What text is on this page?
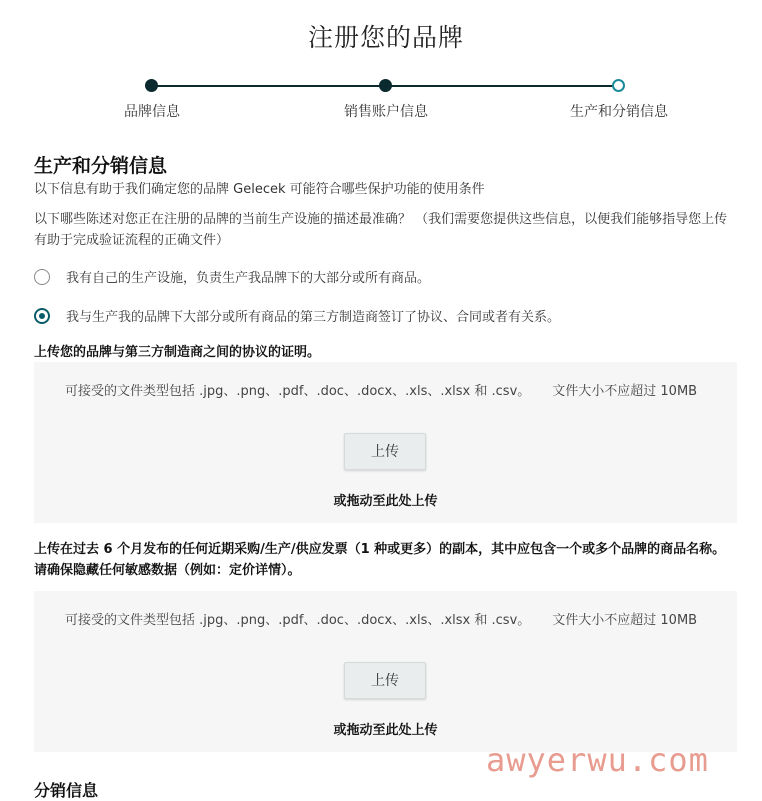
注册您的品牌
品牌信息	销售账户信息	生产和分销信息
生产和分销信息
以下信息有助于我们确定您的品牌 Gelecek 可能符合哪些保护功能的使用条件
以下哪些陈述对您正在注册的品牌的当前生产设施的描述最准确？ （我们需要您提供这些信息，以便我们能够指导您上传有助于完成验证流程的正确文件）
我有自己的生产设施，负责生产我品牌下的大部分或所有商品。
我与生产我的品牌下大部分或所有商品的第三方制造商签订了协议、合同或者有关系。
上传您的品牌与第三方制造商之间的协议的证明。
可接受的文件类型包括 .jpg、.png、.pdf、.doc、.docx、.xls、.xlsx 和 .csv。 文件大小不应超过 10MB
上传
或拖动至此处上传
上传在过去 6 个月发布的任何近期采购/生产/供应发票（1 种或更多）的副本，其中应包含一个或多个品牌的商品名称。请确保隐藏任何敏感数据（例如：定价详情）。
可接受的文件类型包括 .jpg、.png、.pdf、.doc、.docx、.xls、.xlsx 和 .csv。 文件大小不应超过 10MB
上传
或拖动至此处上传
分销信息
awyerwu.com
